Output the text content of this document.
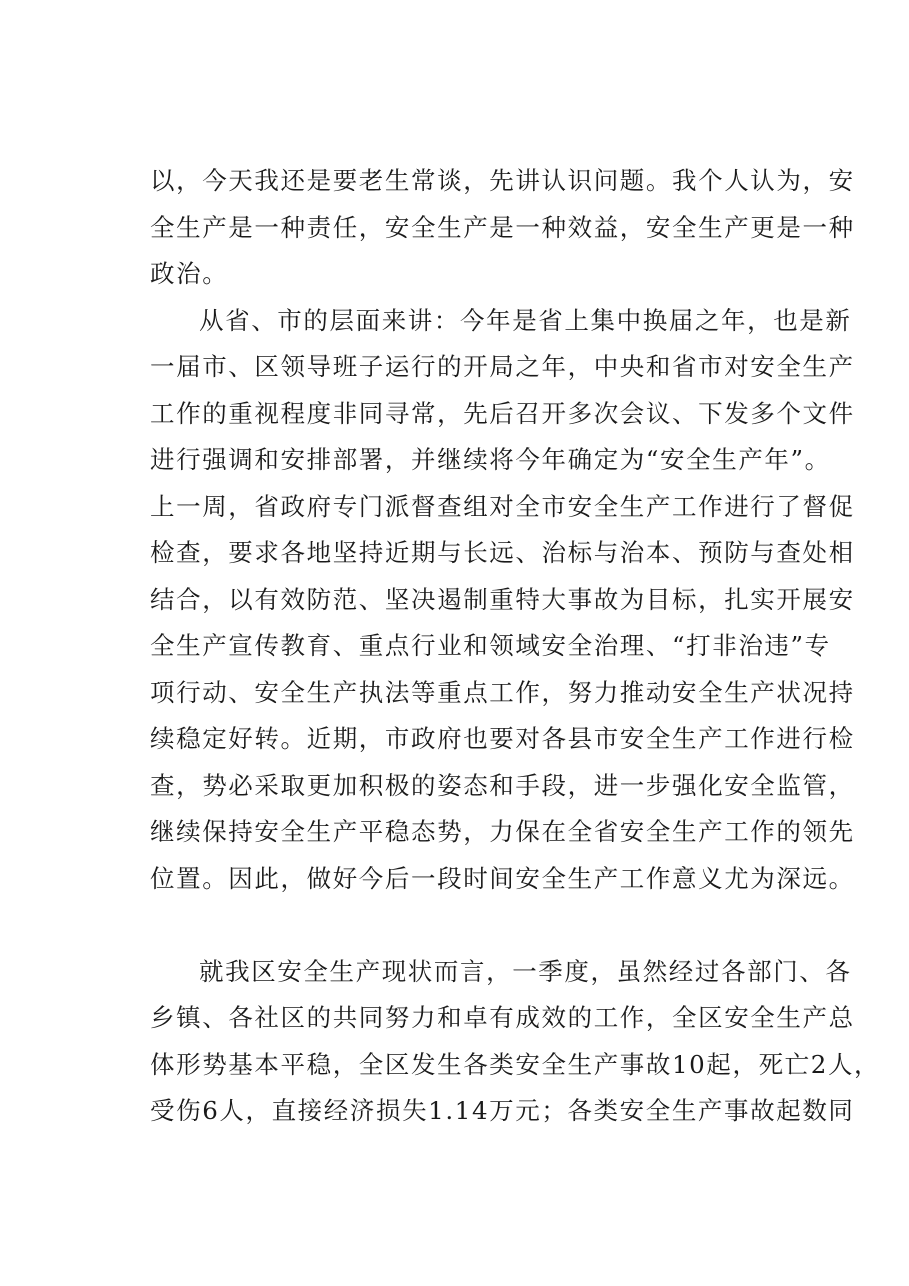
以，今天我还是要老生常谈，先讲认识问题。我个人认为，安
全生产是一种责任，安全生产是一种效益，安全生产更是一种
政治。
从省、市的层面来讲：今年是省上集中换届之年，也是新
一届市、区领导班子运行的开局之年，中央和省市对安全生产
工作的重视程度非同寻常，先后召开多次会议、下发多个文件
进行强调和安排部署，并继续将今年确定为“安全生产年”。
上一周，省政府专门派督查组对全市安全生产工作进行了督促
检查，要求各地坚持近期与长远、治标与治本、预防与查处相
结合，以有效防范、坚决遏制重特大事故为目标，扎实开展安
全生产宣传教育、重点行业和领域安全治理、“打非治违”专
项行动、安全生产执法等重点工作，努力推动安全生产状况持
续稳定好转。近期，市政府也要对各县市安全生产工作进行检
查，势必采取更加积极的姿态和手段，进一步强化安全监管，
继续保持安全生产平稳态势，力保在全省安全生产工作的领先
位置。因此，做好今后一段时间安全生产工作意义尤为深远。
就我区安全生产现状而言，一季度，虽然经过各部门、各
乡镇、各社区的共同努力和卓有成效的工作，全区安全生产总
体形势基本平稳，全区发生各类安全生产事故10起，死亡2人，
受伤6人，直接经济损失1.14万元；各类安全生产事故起数同
